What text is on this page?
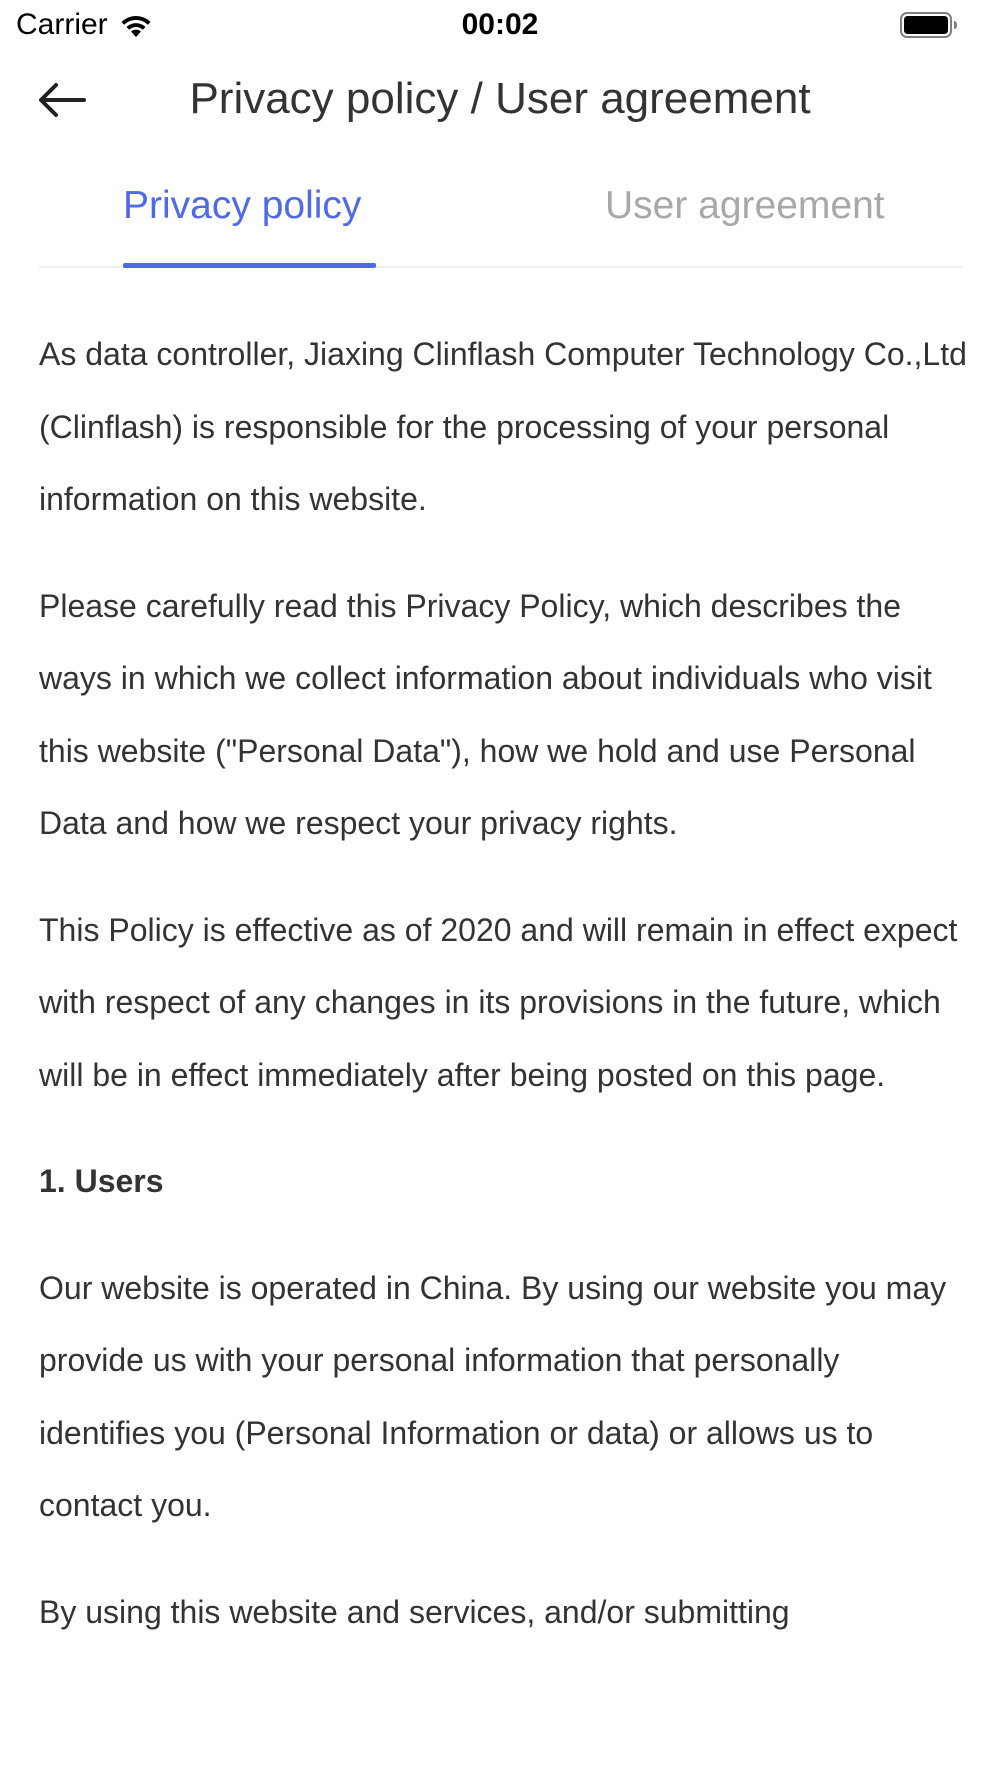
Carrier	00:02
Privacy policy / User agreement
Privacy policy	User agreement

As data controller, Jiaxing Clinflash Computer Technology Co.,Ltd (Clinflash) is responsible for the processing of your personal information on this website.

Please carefully read this Privacy Policy, which describes the ways in which we collect information about individuals who visit this website ("Personal Data"), how we hold and use Personal Data and how we respect your privacy rights.

This Policy is effective as of 2020 and will remain in effect expect with respect of any changes in its provisions in the future, which will be in effect immediately after being posted on this page.

1. Users

Our website is operated in China. By using our website you may provide us with your personal information that personally identifies you (Personal Information or data) or allows us to contact you.

By using this website and services, and/or submitting
